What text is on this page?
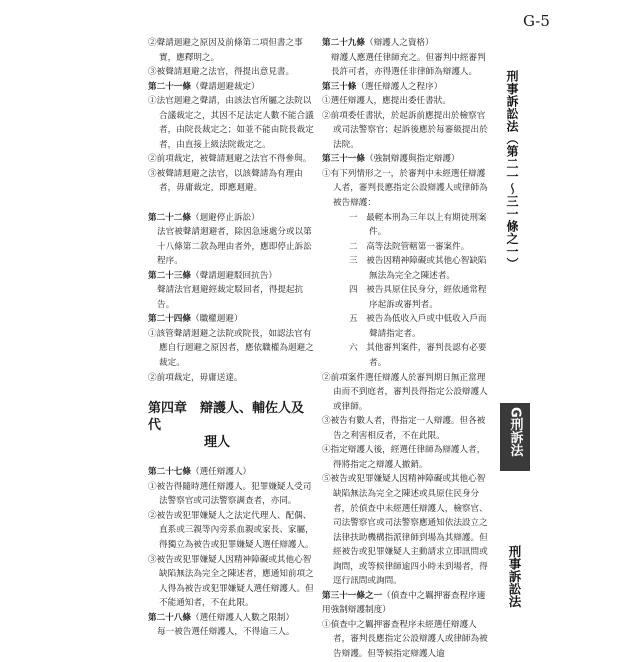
G-5

②聲請迴避之原因及前條第二項但書之事實，應釋明之。

③被聲請迴避之法官，得提出意見書。

第二十一條（聲請迴避裁定）

①法官迴避之聲請，由該法官所屬之法院以合議裁定之，其因不足法定人數不能合議者，由院長裁定之；如並不能由院長裁定者，由直接上級法院裁定之。

②前項裁定，被聲請迴避之法官不得參與。

③被聲請迴避之法官，以該聲請為有理由者，毋庸裁定，即應迴避。

第二十二條（迴避停止訴訟）

法官被聲請迴避者，除因急速處分或以第十八條第二款為理由者外，應即停止訴訟程序。

第二十三條（聲請迴避駁回抗告）

聲請法官迴避經裁定駁回者，得提起抗告。

第二十四條（職權迴避）

①該管聲請迴避之法院或院長，如認法官有應自行迴避之原因者，應依職權為迴避之裁定。

②前項裁定，毋庸送達。

第四章　辯護人、輔佐人及代
理人

第二十七條（選任辯護人）

①被告得隨時選任辯護人。犯罪嫌疑人受司法警察官或司法警察調查者，亦同。

②被告或犯罪嫌疑人之法定代理人、配偶、直系或三親等內旁系血親或家長、家屬，得獨立為被告或犯罪嫌疑人選任辯護人。

③被告或犯罪嫌疑人因精神障礙或其他心智缺陷無法為完全之陳述者，應通知前項之人得為被告或犯罪嫌疑人選任辯護人。但不能通知者，不在此限。

第二十八條（選任辯護人人數之限制）

每一被告選任辯護人，不得逾三人。

第二十九條（辯護人之資格）

辯護人應選任律師充之。但審判中經審判長許可者，亦得選任非律師為辯護人。

第三十條（選任辯護人之程序）

①選任辯護人，應提出委任書狀。

②前項委任書狀，於起訴前應提出於檢察官或司法警察官；起訴後應於每審級提出於法院。

第三十一條（強制辯護與指定辯護）

①有下列情形之一，於審判中未經選任辯護人者，審判長應指定公設辯護人或律師為被告辯護：

一　最輕本刑為三年以上有期徒刑案件。

二　高等法院管轄第一審案件。

三　被告因精神障礙或其他心智缺陷無法為完全之陳述者。

四　被告具原住民身分，經依通常程序起訴或審判者。

五　被告為低收入戶或中低收入戶而聲請指定者。

六　其他審判案件，審判長認有必要者。

②前項案件選任辯護人於審判期日無正當理由而不到庭者，審判長得指定公設辯護人或律師。

③被告有數人者，得指定一人辯護。但各被告之利害相反者，不在此限。

④指定辯護人後，經選任律師為辯護人者，得將指定之辯護人撤銷。

⑤被告或犯罪嫌疑人因精神障礙或其他心智缺陷無法為完全之陳述或具原住民身分者，於偵查中未經選任辯護人，檢察官、司法警察官或司法警察應通知依法設立之法律扶助機構指派律師到場為其辯護。但經被告或犯罪嫌疑人主動請求立即訊問或詢問，或等候律師逾四小時未到場者，得逕行訊問或詢問。

第三十一條之一（偵查中之羈押審查程序適用強制辯護制度）

①偵查中之羈押審查程序未經選任辯護人者，審判長應指定公設辯護人或律師為被告辯護。但等候指定辯護人逾

刑事訴訟法（第二一～三一條之一）
G刑訴法
刑事訴訟法
